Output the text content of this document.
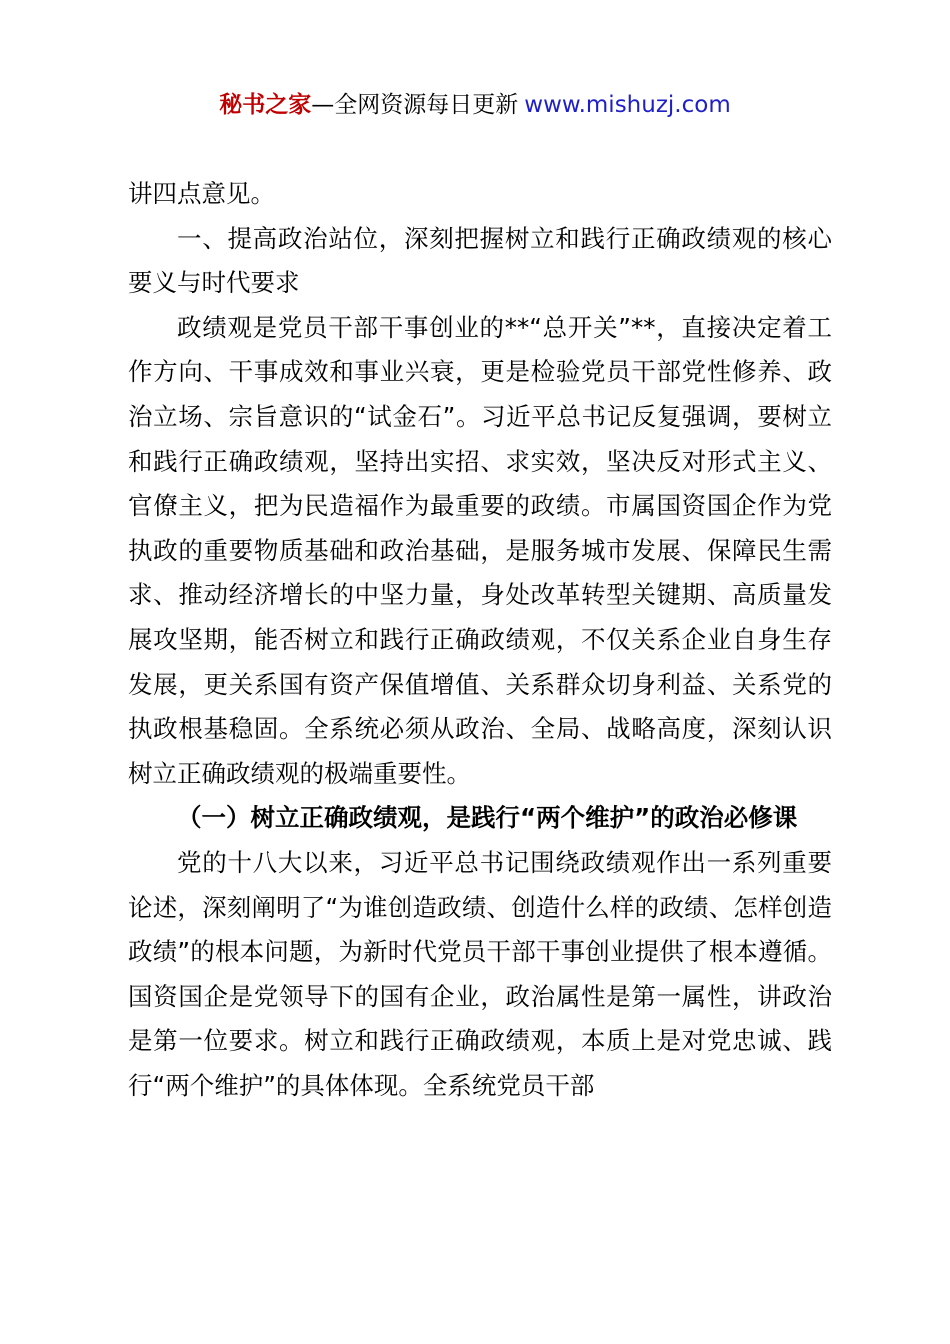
秘书之家—全网资源每日更新 www.mishuzj.com

讲四点意见。

一、提高政治站位，深刻把握树立和践行正确政绩观的核心要义与时代要求

政绩观是党员干部干事创业的**“总开关”**，直接决定着工作方向、干事成效和事业兴衰，更是检验党员干部党性修养、政治立场、宗旨意识的“试金石”。习近平总书记反复强调，要树立和践行正确政绩观，坚持出实招、求实效，坚决反对形式主义、官僚主义，把为民造福作为最重要的政绩。市属国资国企作为党执政的重要物质基础和政治基础，是服务城市发展、保障民生需求、推动经济增长的中坚力量，身处改革转型关键期、高质量发展攻坚期，能否树立和践行正确政绩观，不仅关系企业自身生存发展，更关系国有资产保值增值、关系群众切身利益、关系党的执政根基稳固。全系统必须从政治、全局、战略高度，深刻认识树立正确政绩观的极端重要性。

（一）树立正确政绩观，是践行“两个维护”的政治必修课

党的十八大以来，习近平总书记围绕政绩观作出一系列重要论述，深刻阐明了“为谁创造政绩、创造什么样的政绩、怎样创造政绩”的根本问题，为新时代党员干部干事创业提供了根本遵循。国资国企是党领导下的国有企业，政治属性是第一属性，讲政治是第一位要求。树立和践行正确政绩观，本质上是对党忠诚、践行“两个维护”的具体体现。全系统党员干部
